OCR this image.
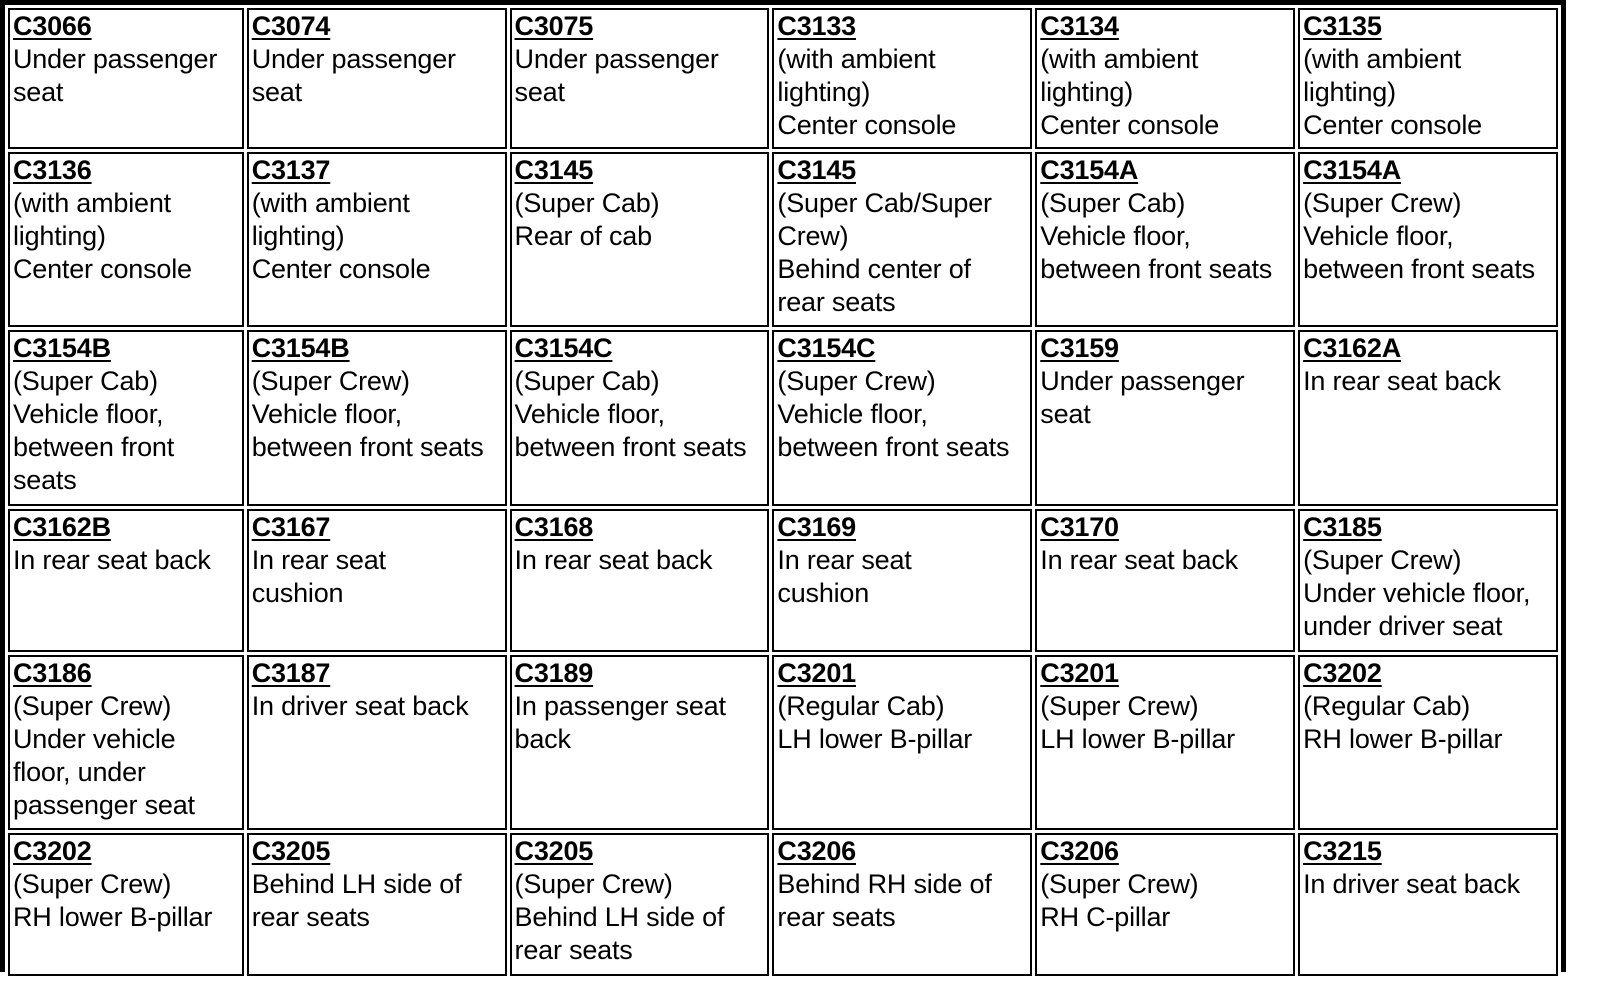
C3066
Under passenger
seat	C3074
Under passenger
seat	C3075
Under passenger
seat	C3133
(with ambient
lighting)
Center console	C3134
(with ambient
lighting)
Center console	C3135
(with ambient
lighting)
Center console

C3136
(with ambient
lighting)
Center console	C3137
(with ambient
lighting)
Center console	C3145
(Super Cab)
Rear of cab	C3145
(Super Cab/Super
Crew)
Behind center of
rear seats	C3154A
(Super Cab)
Vehicle floor,
between front seats	C3154A
(Super Crew)
Vehicle floor,
between front seats

C3154B
(Super Cab)
Vehicle floor,
between front
seats	C3154B
(Super Crew)
Vehicle floor,
between front seats	C3154C
(Super Cab)
Vehicle floor,
between front seats	C3154C
(Super Crew)
Vehicle floor,
between front seats	C3159
Under passenger
seat	C3162A
In rear seat back

C3162B
In rear seat back	C3167
In rear seat
cushion	C3168
In rear seat back	C3169
In rear seat
cushion	C3170
In rear seat back	C3185
(Super Crew)
Under vehicle floor,
under driver seat

C3186
(Super Crew)
Under vehicle
floor, under
passenger seat	C3187
In driver seat back	C3189
In passenger seat
back	C3201
(Regular Cab)
LH lower B-pillar	C3201
(Super Crew)
LH lower B-pillar	C3202
(Regular Cab)
RH lower B-pillar

C3202
(Super Crew)
RH lower B-pillar	C3205
Behind LH side of
rear seats	C3205
(Super Crew)
Behind LH side of
rear seats	C3206
Behind RH side of
rear seats	C3206
(Super Crew)
RH C-pillar	C3215
In driver seat back
